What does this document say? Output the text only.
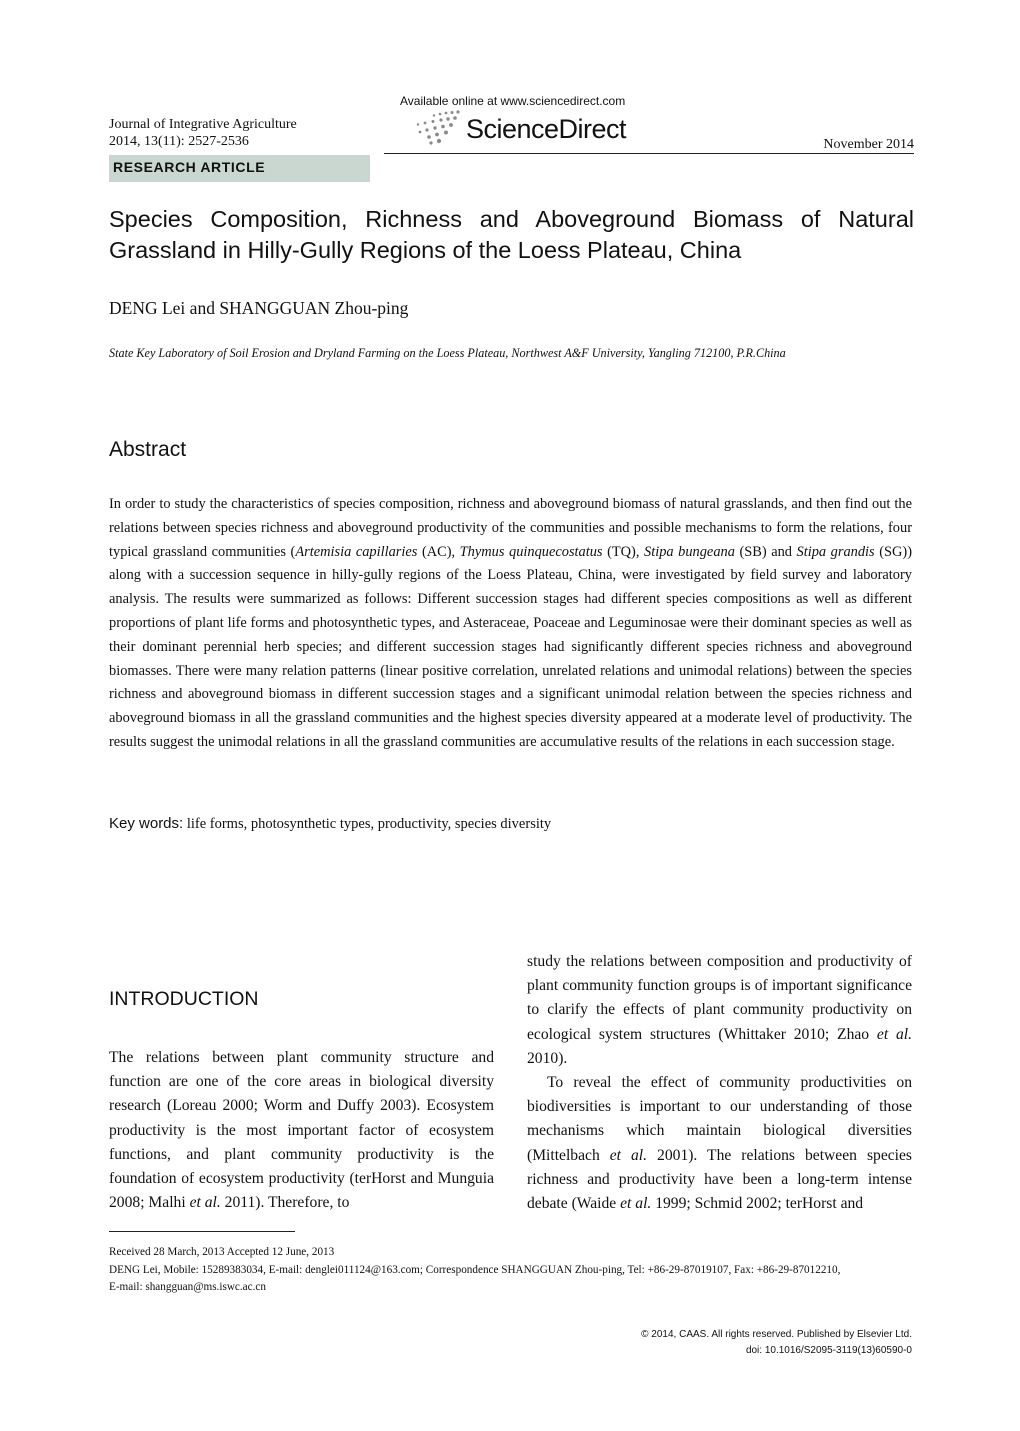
Available online at www.sciencedirect.com
ScienceDirect
Journal of Integrative Agriculture
2014, 13(11): 2527-2536	November 2014
RESEARCH ARTICLE
Species Composition, Richness and Aboveground Biomass of Natural Grassland in Hilly-Gully Regions of the Loess Plateau, China
DENG Lei and SHANGGUAN Zhou-ping
State Key Laboratory of Soil Erosion and Dryland Farming on the Loess Plateau, Northwest A&F University, Yangling 712100, P.R.China
Abstract

In order to study the characteristics of species composition, richness and aboveground biomass of natural grasslands, and then find out the relations between species richness and aboveground productivity of the communities and possible mechanisms to form the relations, four typical grassland communities (Artemisia capillaries (AC), Thymus quinquecostatus (TQ), Stipa bungeana (SB) and Stipa grandis (SG)) along with a succession sequence in hilly-gully regions of the Loess Plateau, China, were investigated by field survey and laboratory analysis. The results were summarized as follows: Different succession stages had different species compositions as well as different proportions of plant life forms and photosynthetic types, and Asteraceae, Poaceae and Leguminosae were their dominant species as well as their dominant perennial herb species; and different succession stages had significantly different species richness and aboveground biomasses. There were many relation patterns (linear positive correlation, unrelated relations and unimodal relations) between the species richness and aboveground biomass in different succession stages and a significant unimodal relation between the species richness and aboveground biomass in all the grassland communities and the highest species diversity appeared at a moderate level of productivity. The results suggest the unimodal relations in all the grassland communities are accumulative results of the relations in each succession stage.

Key words: life forms, photosynthetic types, productivity, species diversity
INTRODUCTION

The relations between plant community structure and function are one of the core areas in biological diversity research (Loreau 2000; Worm and Duffy 2003). Ecosystem productivity is the most important factor of ecosystem functions, and plant community productivity is the foundation of ecosystem productivity (terHorst and Munguia 2008; Malhi et al. 2011). Therefore, to

study the relations between composition and productivity of plant community function groups is of important significance to clarify the effects of plant community productivity on ecological system structures (Whittaker 2010; Zhao et al. 2010).

To reveal the effect of community productivities on biodiversities is important to our understanding of those mechanisms which maintain biological diversities (Mittelbach et al. 2001). The relations between species richness and productivity have been a long-term intense debate (Waide et al. 1999; Schmid 2002; terHorst and

Received 28 March, 2013 Accepted 12 June, 2013
DENG Lei, Mobile: 15289383034, E-mail: denglei011124@163.com; Correspondence SHANGGUAN Zhou-ping, Tel: +86-29-87019107, Fax: +86-29-87012210,
E-mail: shangguan@ms.iswc.ac.cn
© 2014, CAAS. All rights reserved. Published by Elsevier Ltd.
doi: 10.1016/S2095-3119(13)60590-0
